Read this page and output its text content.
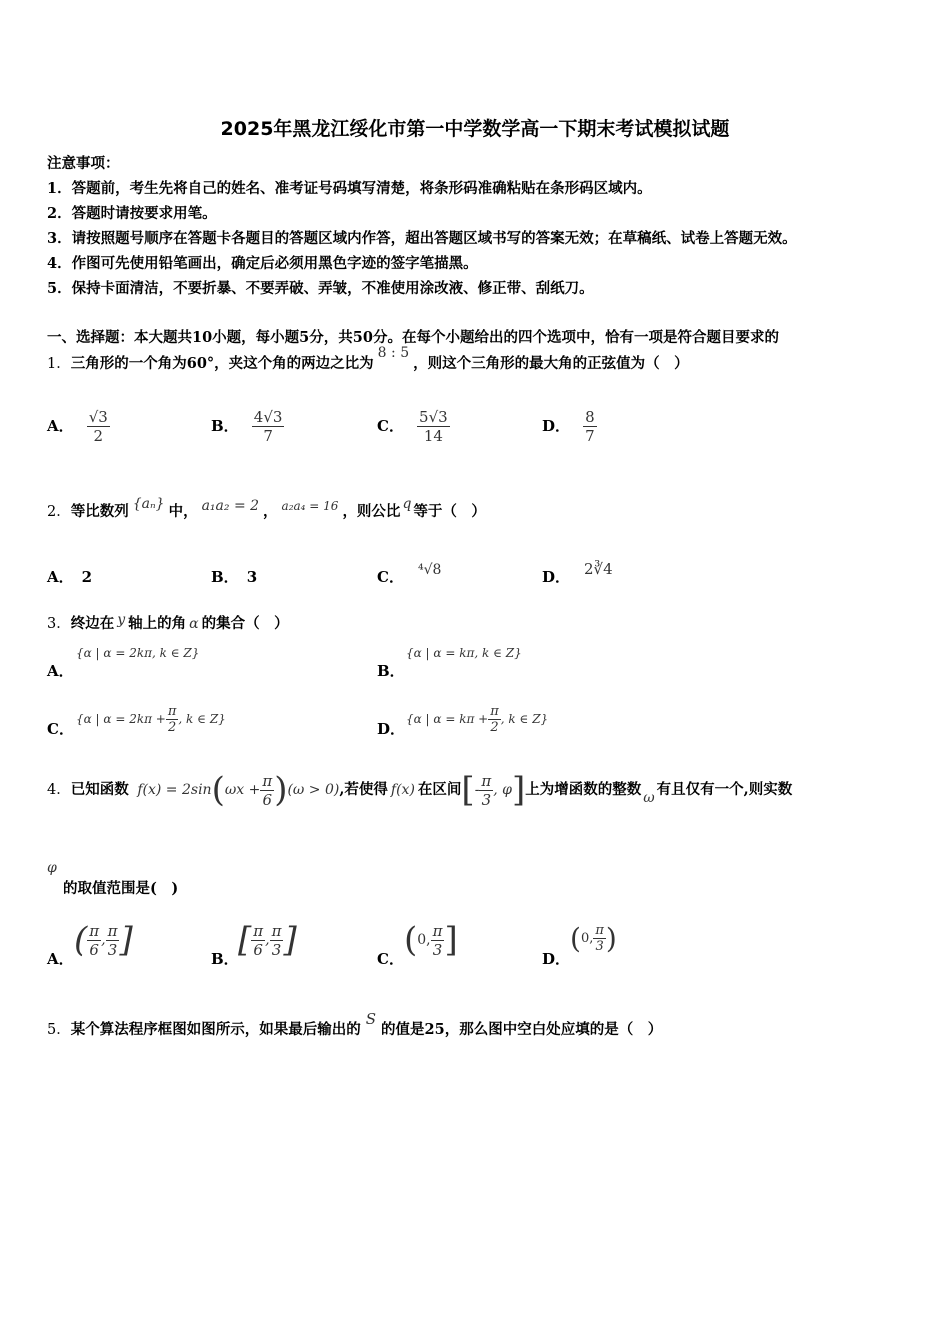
2025年黑龙江绥化市第一中学数学高一下期末考试模拟试题
注意事项：
1．答题前，考生先将自己的姓名、准考证号码填写清楚，将条形码准确粘贴在条形码区域内。
2．答题时请按要求用笔。
3．请按照题号顺序在答题卡各题目的答题区域内作答，超出答题区域书写的答案无效；在草稿纸、试卷上答题无效。
4．作图可先使用铅笔画出，确定后必须用黑色字迹的签字笔描黑。
5．保持卡面清洁，不要折暴、不要弄破、弄皱，不准使用涂改液、修正带、刮纸刀。
一、选择题：本大题共10小题，每小题5分，共50分。在每个小题给出的四个选项中，恰有一项是符合题目要求的
1．三角形的一个角为60°，夹这个角的两边之比为8 : 5，则这个三角形的最大角的正弦值为（　）
A． $\frac{√3}{2}$	B． $\frac{4√3}{7}$	C． $\frac{5√3}{14}$	D． $\frac{8}{7}$
2．等比数列 {aₙ} 中， a₁a₂ = 2 ， $^{a_2a_4 = 16}$ ，则公比 q 等于（　）
A． 2	B． 3	C． ⁴√8	D． 2∛4
3．终边在 y 轴上的角 α 的集合（　）
A．
{α | α = 2kπ, k ∈ Z}
B．
{α | α = kπ, k ∈ Z}
C．
{α | $\alpha = 2k\pi + \frac{\pi}{2}$ , k ∈ Z}
D．
{α | $\alpha = k\pi + \frac{\pi}{2}$ , k ∈ Z}
4．已知函数 $f(x) = 2\sin(\omega x + \frac{\pi}{6} )(\omega > 0)$,若使得 f(x) 在区间[- $\frac{\pi}{3}$ , φ]上为增函数的整数 ω 有且仅有一个,则实数
φ
的取值范围是(　)
A． ( $\frac{\pi}{6}$ , $\frac{\pi}{3}$ ]	B． [ $\frac{\pi}{6}$ , $\frac{\pi}{3}$ ]	C． (0, $\frac{\pi}{3}$ ]	D．
(0, $\frac{\pi}{3}$ )
5．某个算法程序框图如图所示，如果最后输出的S的值是25，那么图中空白处应填的是（　）
